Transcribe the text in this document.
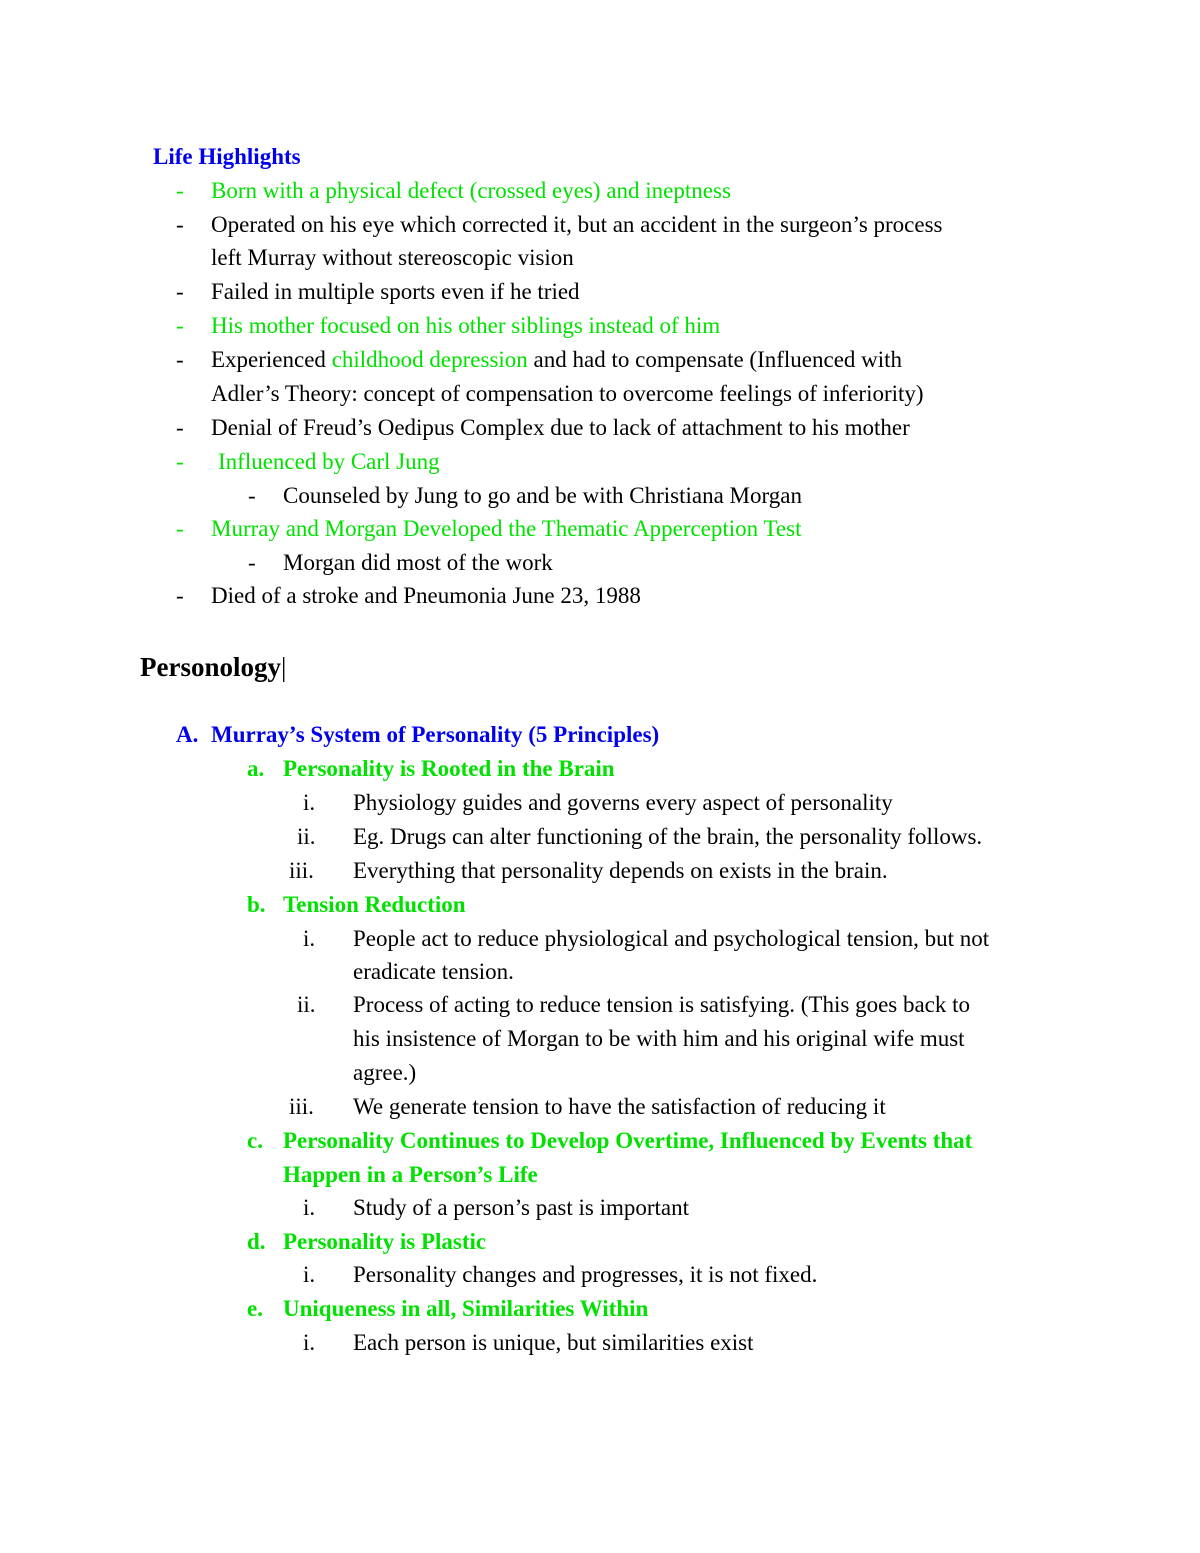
Life Highlights
- Born with a physical defect (crossed eyes) and ineptness
- Operated on his eye which corrected it, but an accident in the surgeon’s process
left Murray without stereoscopic vision
- Failed in multiple sports even if he tried
- His mother focused on his other siblings instead of him
- Experienced childhood depression and had to compensate (Influenced with
Adler’s Theory: concept of compensation to overcome feelings of inferiority)
- Denial of Freud’s Oedipus Complex due to lack of attachment to his mother
- Influenced by Carl Jung
- Counseled by Jung to go and be with Christiana Morgan
- Murray and Morgan Developed the Thematic Apperception Test
- Morgan did most of the work
- Died of a stroke and Pneumonia June 23, 1988
Personology|
A. Murray’s System of Personality (5 Principles)
a. Personality is Rooted in the Brain
i. Physiology guides and governs every aspect of personality
ii. Eg. Drugs can alter functioning of the brain, the personality follows.
iii. Everything that personality depends on exists in the brain.
b. Tension Reduction
i. People act to reduce physiological and psychological tension, but not
eradicate tension.
ii. Process of acting to reduce tension is satisfying. (This goes back to
his insistence of Morgan to be with him and his original wife must
agree.)
iii. We generate tension to have the satisfaction of reducing it
c. Personality Continues to Develop Overtime, Influenced by Events that
Happen in a Person’s Life
i. Study of a person’s past is important
d. Personality is Plastic
i. Personality changes and progresses, it is not fixed.
e. Uniqueness in all, Similarities Within
i. Each person is unique, but similarities exist
